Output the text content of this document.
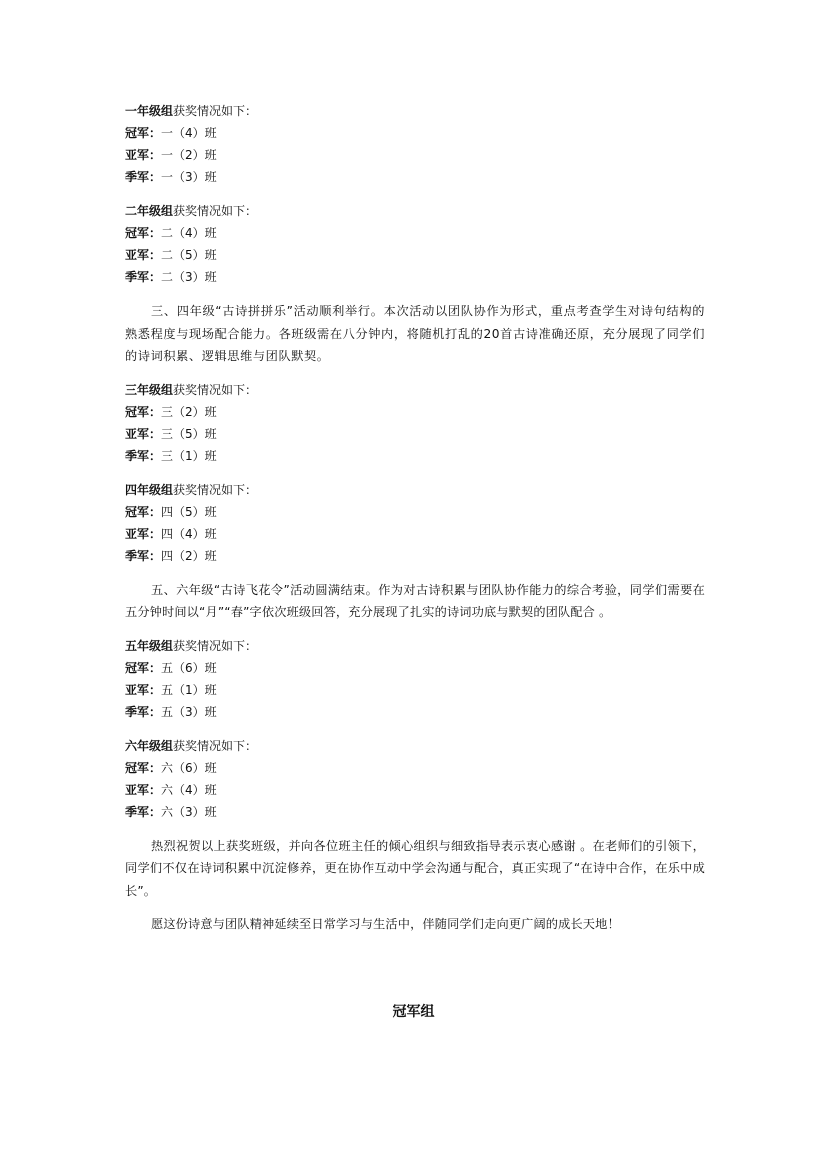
一年级组获奖情况如下：
冠军：一（4）班
亚军：一（2）班
季军：一（3）班
二年级组获奖情况如下：
冠军：二（4）班
亚军：二（5）班
季军：二（3）班

三、四年级“古诗拼拼乐”活动顺利举行。本次活动以团队协作为形式，重点考查学生对诗句结构的熟悉程度与现场配合能力。各班级需在八分钟内，将随机打乱的20首古诗准确还原，充分展现了同学们的诗词积累、逻辑思维与团队默契。

三年级组获奖情况如下：
冠军：三（2）班
亚军：三（5）班
季军：三（1）班
四年级组获奖情况如下：
冠军：四（5）班
亚军：四（4）班
季军：四（2）班

五、六年级“古诗飞花令”活动圆满结束。作为对古诗积累与团队协作能力的综合考验，同学们需要在五分钟时间以“月”“春”字依次班级回答，充分展现了扎实的诗词功底与默契的团队配合 。

五年级组获奖情况如下：
冠军：五（6）班
亚军：五（1）班
季军：五（3）班
六年级组获奖情况如下：
冠军：六（6）班
亚军：六（4）班
季军：六（3）班

热烈祝贺以上获奖班级，并向各位班主任的倾心组织与细致指导表示衷心感谢 。在老师们的引领下，同学们不仅在诗词积累中沉淀修养，更在协作互动中学会沟通与配合，真正实现了“在诗中合作，在乐中成长”。

愿这份诗意与团队精神延续至日常学习与生活中，伴随同学们走向更广阔的成长天地！

冠军组
